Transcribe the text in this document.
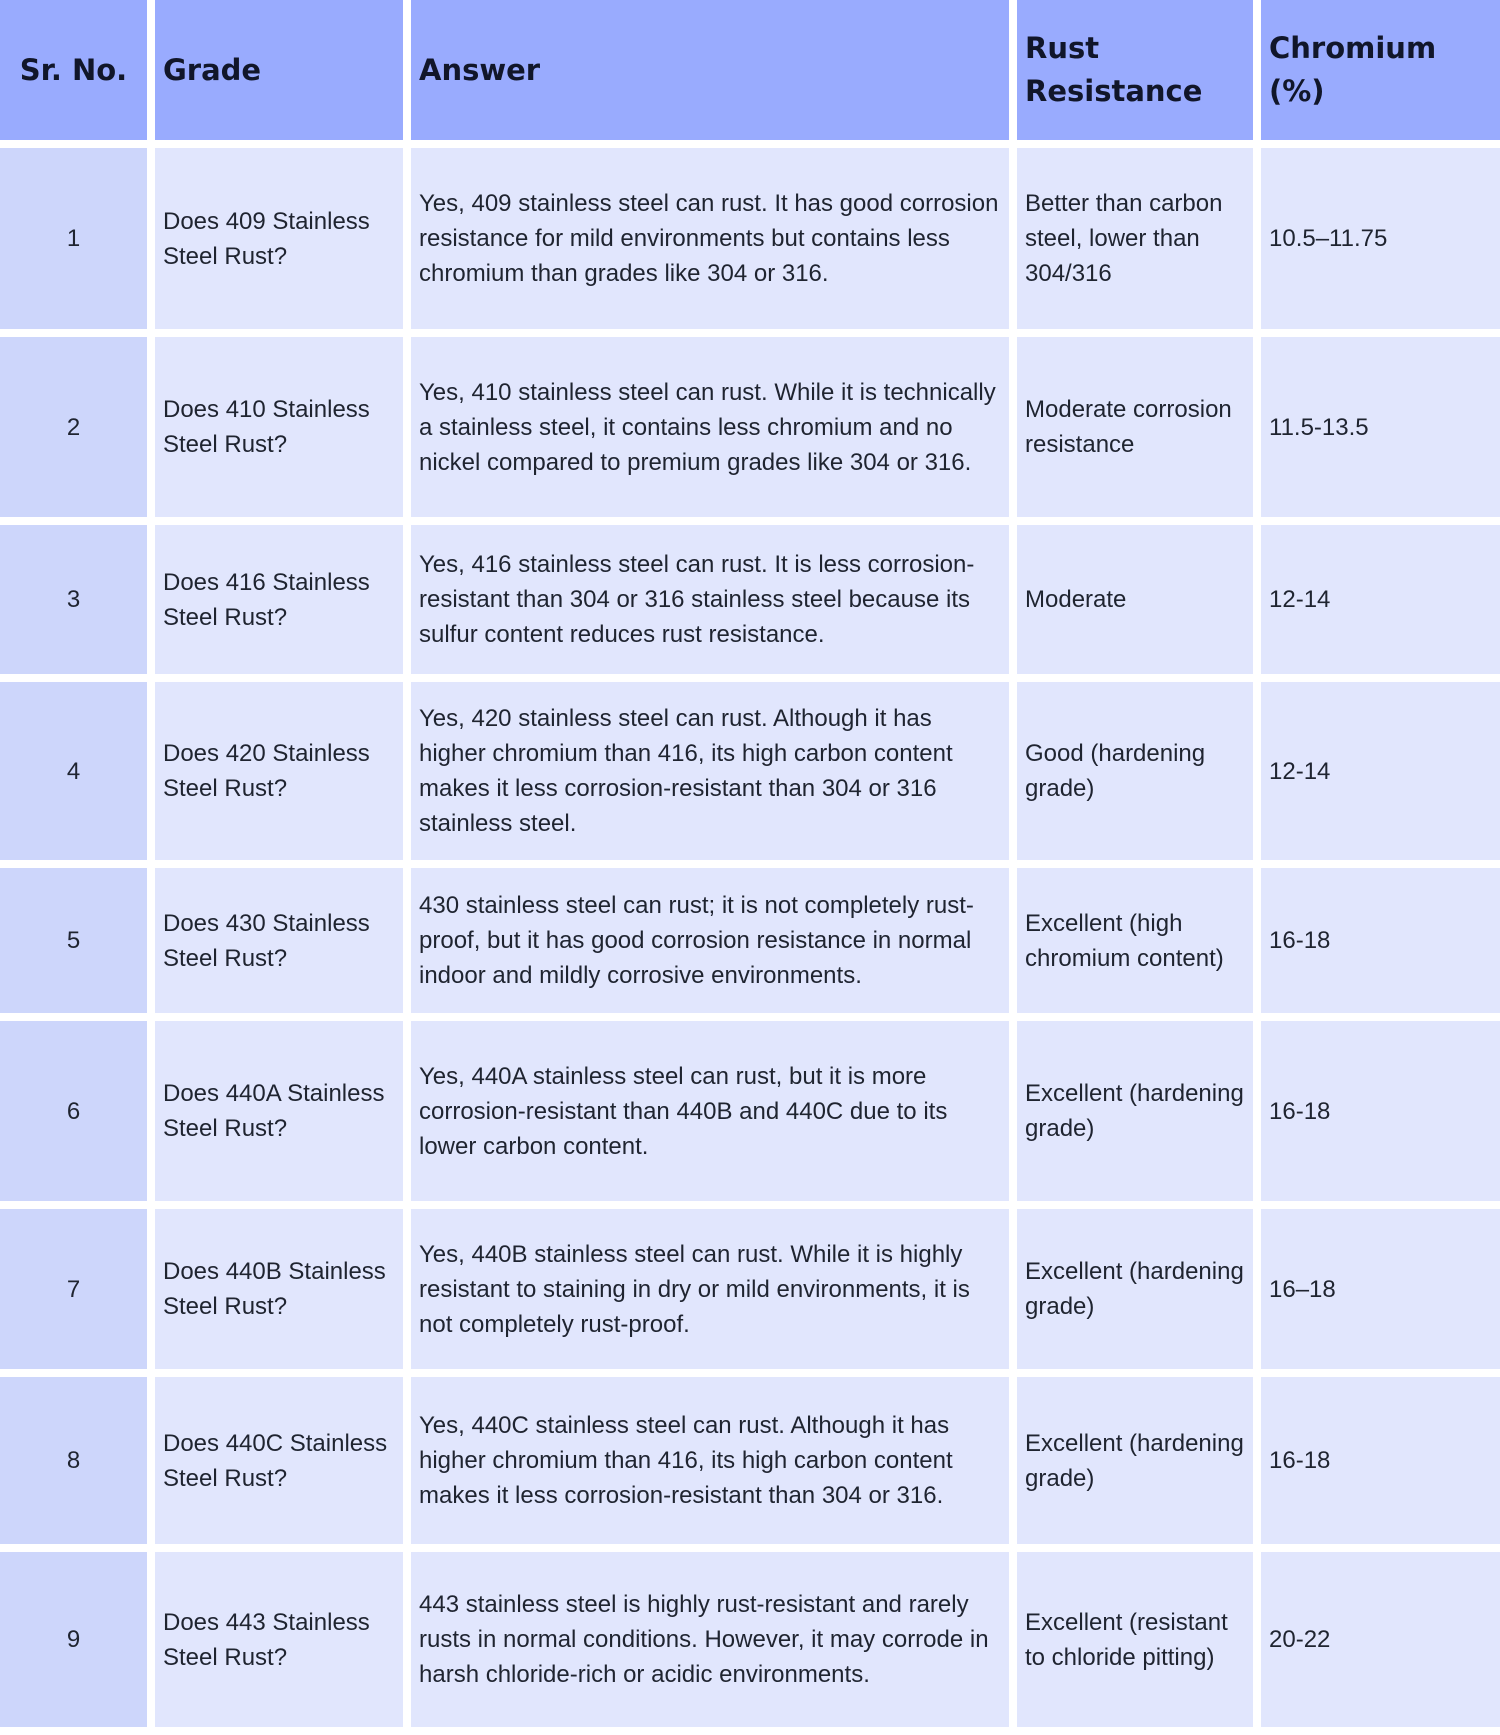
Sr. No.	Grade	Answer	Rust Resistance	Chromium (%)
1	Does 409 Stainless Steel Rust?	Yes, 409 stainless steel can rust. It has good corrosion resistance for mild environments but contains less chromium than grades like 304 or 316.	Better than carbon steel, lower than 304/316	10.5–11.75
2	Does 410 Stainless Steel Rust?	Yes, 410 stainless steel can rust. While it is technically a stainless steel, it contains less chromium and no nickel compared to premium grades like 304 or 316.	Moderate corrosion resistance	11.5-13.5
3	Does 416 Stainless Steel Rust?	Yes, 416 stainless steel can rust. It is less corrosion-resistant than 304 or 316 stainless steel because its sulfur content reduces rust resistance.	Moderate	12-14
4	Does 420 Stainless Steel Rust?	Yes, 420 stainless steel can rust. Although it has higher chromium than 416, its high carbon content makes it less corrosion-resistant than 304 or 316 stainless steel.	Good (hardening grade)	12-14
5	Does 430 Stainless Steel Rust?	430 stainless steel can rust; it is not completely rust-proof, but it has good corrosion resistance in normal indoor and mildly corrosive environments.	Excellent (high chromium content)	16-18
6	Does 440A Stainless Steel Rust?	Yes, 440A stainless steel can rust, but it is more corrosion-resistant than 440B and 440C due to its lower carbon content.	Excellent (hardening grade)	16-18
7	Does 440B Stainless Steel Rust?	Yes, 440B stainless steel can rust. While it is highly resistant to staining in dry or mild environments, it is not completely rust-proof.	Excellent (hardening grade)	16–18
8	Does 440C Stainless Steel Rust?	Yes, 440C stainless steel can rust. Although it has higher chromium than 416, its high carbon content makes it less corrosion-resistant than 304 or 316.	Excellent (hardening grade)	16-18
9	Does 443 Stainless Steel Rust?	443 stainless steel is highly rust-resistant and rarely rusts in normal conditions. However, it may corrode in harsh chloride-rich or acidic environments.	Excellent (resistant to chloride pitting)	20-22
